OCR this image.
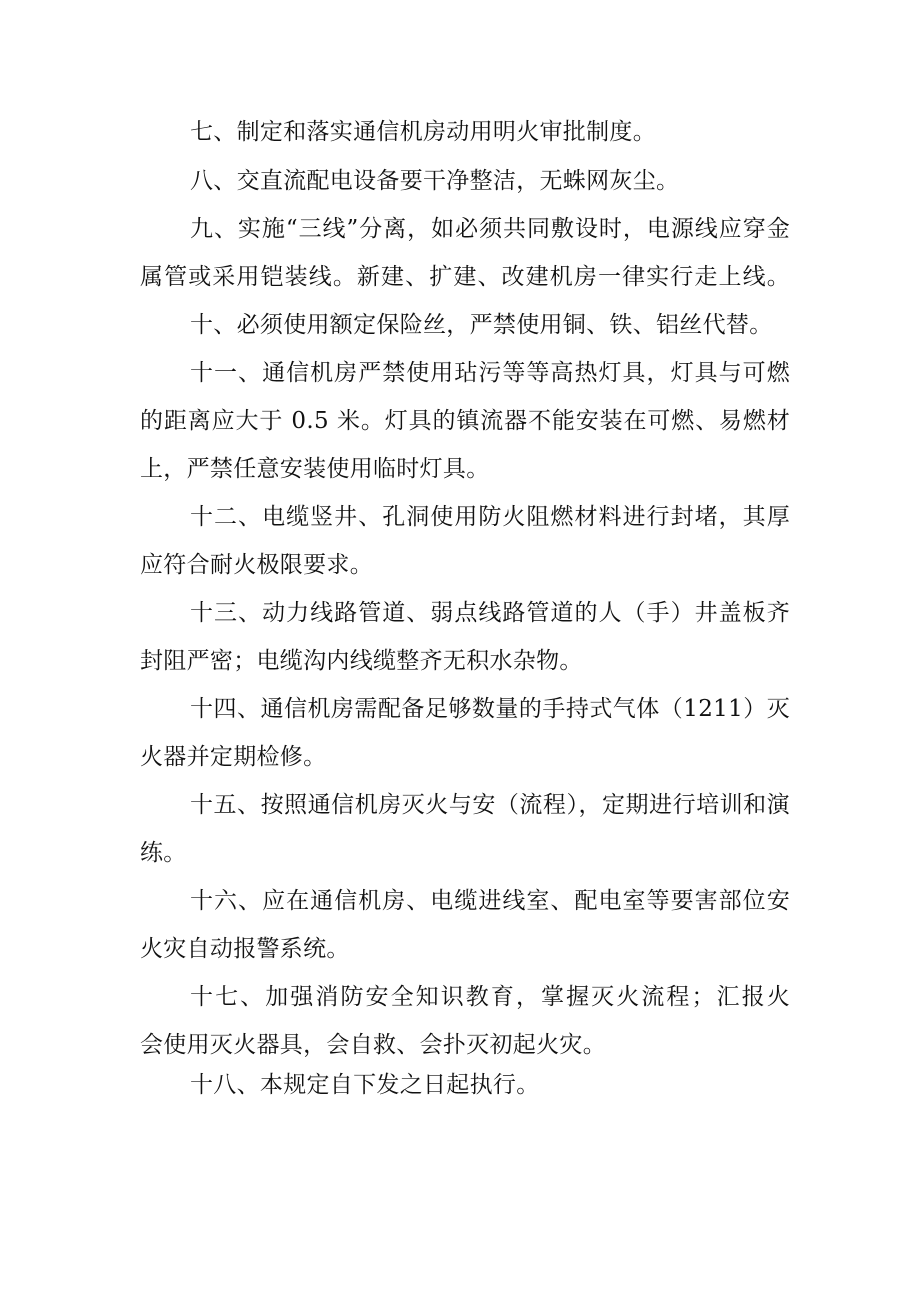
七、制定和落实通信机房动用明火审批制度。
八、交直流配电设备要干净整洁，无蛛网灰尘。
九、实施“三线”分离，如必须共同敷设时，电源线应穿金
属管或采用铠装线。新建、扩建、改建机房一律实行走上线。
十、必须使用额定保险丝，严禁使用铜、铁、铝丝代替。
十一、通信机房严禁使用玷污等等高热灯具，灯具与可燃
的距离应大于 0.5 米。灯具的镇流器不能安装在可燃、易燃材
上，严禁任意安装使用临时灯具。
十二、电缆竖井、孔洞使用防火阻燃材料进行封堵，其厚
应符合耐火极限要求。
十三、动力线路管道、弱点线路管道的人（手）井盖板齐
封阻严密；电缆沟内线缆整齐无积水杂物。
十四、通信机房需配备足够数量的手持式气体（1211）灭
火器并定期检修。
十五、按照通信机房灭火与安（流程），定期进行培训和演
练。
十六、应在通信机房、电缆进线室、配电室等要害部位安
火灾自动报警系统。
十七、加强消防安全知识教育，掌握灭火流程；汇报火
会使用灭火器具，会自救、会扑灭初起火灾。
十八、本规定自下发之日起执行。
